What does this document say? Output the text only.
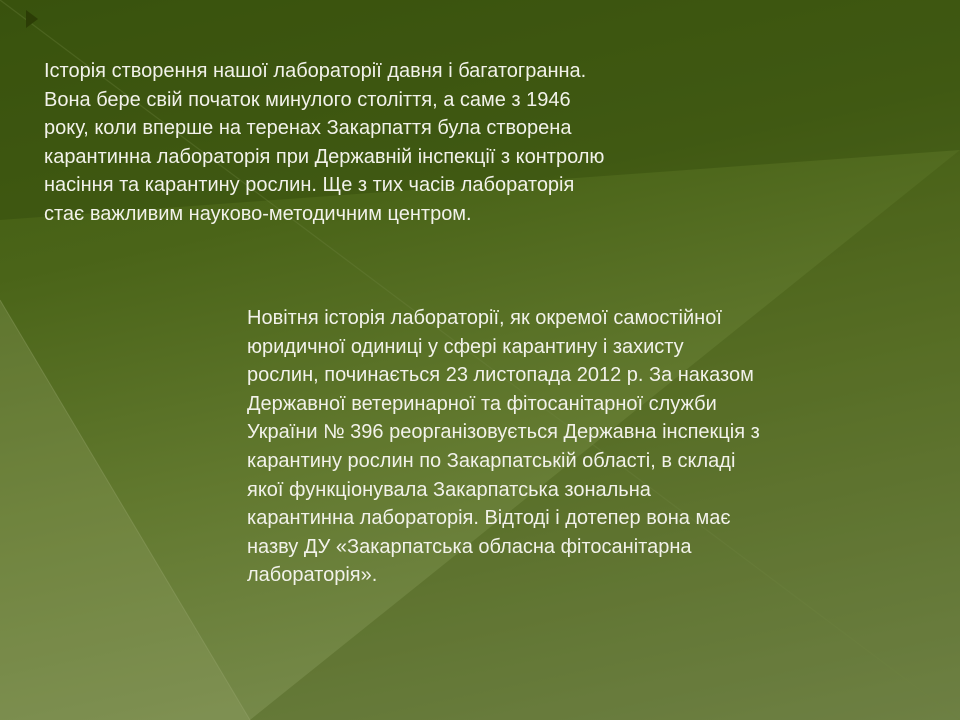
Історія створення нашої лабораторії давня і багатогранна.
Вона бере свій початок минулого століття, а саме з 1946
року, коли вперше на теренах Закарпаття була створена
карантинна лабораторія при Державній інспекції з контролю
насіння та карантину рослин. Ще з тих часів лабораторія
стає важливим науково-методичним центром.

Новітня історія лабораторії, як окремої самостійної
юридичної одиниці у сфері карантину і захисту
рослин, починається 23 листопада 2012 р. За наказом
Державної ветеринарної та фітосанітарної служби
України № 396 реорганізовується Державна інспекція з
карантину рослин по Закарпатській області, в складі
якої функціонувала Закарпатська зональна
карантинна лабораторія. Відтоді і дотепер вона має
назву ДУ «Закарпатська обласна фітосанітарна
лабораторія».
